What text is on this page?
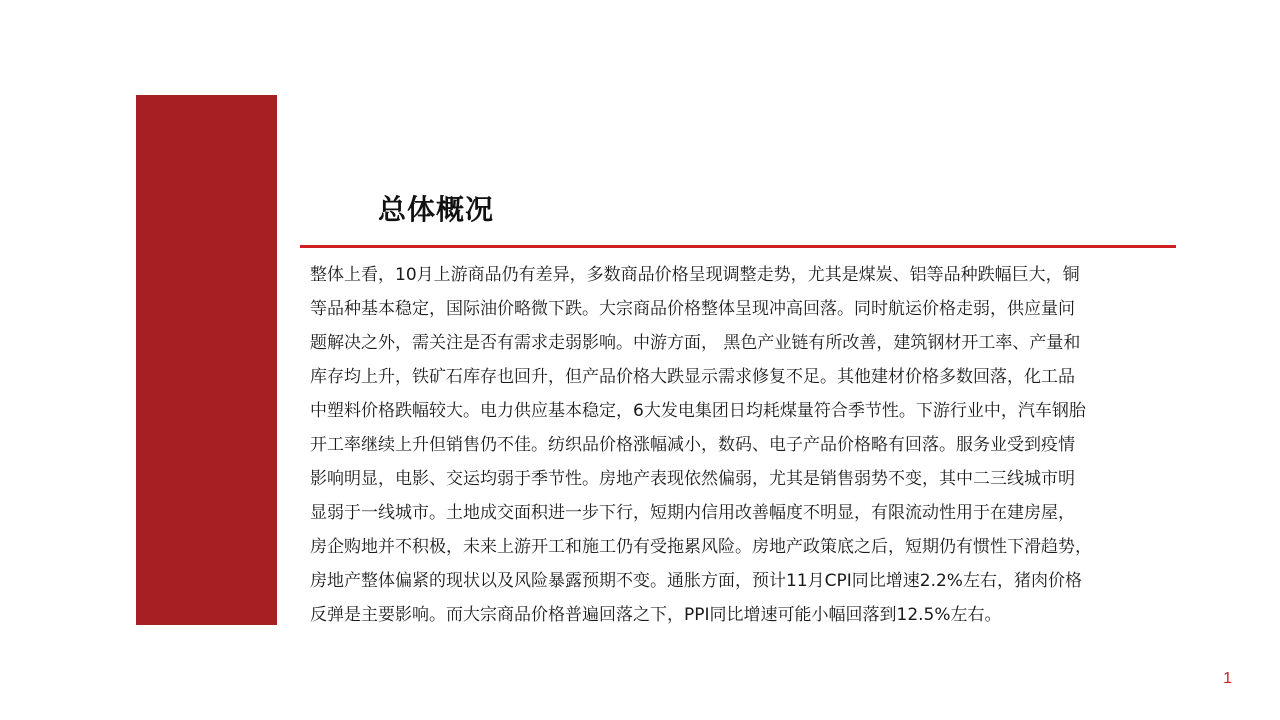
总体概况
整体上看，10月上游商品仍有差异，多数商品价格呈现调整走势，尤其是煤炭、铝等品种跌幅巨大，铜
等品种基本稳定，国际油价略微下跌。大宗商品价格整体呈现冲高回落。同时航运价格走弱，供应量问
题解决之外，需关注是否有需求走弱影响。中游方面， 黑色产业链有所改善，建筑钢材开工率、产量和
库存均上升，铁矿石库存也回升，但产品价格大跌显示需求修复不足。其他建材价格多数回落，化工品
中塑料价格跌幅较大。电力供应基本稳定，6大发电集团日均耗煤量符合季节性。下游行业中，汽车钢胎
开工率继续上升但销售仍不佳。纺织品价格涨幅减小，数码、电子产品价格略有回落。服务业受到疫情
影响明显，电影、交运均弱于季节性。房地产表现依然偏弱，尤其是销售弱势不变，其中二三线城市明
显弱于一线城市。土地成交面积进一步下行，短期内信用改善幅度不明显，有限流动性用于在建房屋，
房企购地并不积极，未来上游开工和施工仍有受拖累风险。房地产政策底之后，短期仍有惯性下滑趋势，
房地产整体偏紧的现状以及风险暴露预期不变。通胀方面，预计11月CPI同比增速2.2%左右，猪肉价格
反弹是主要影响。而大宗商品价格普遍回落之下，PPI同比增速可能小幅回落到12.5%左右。
1
